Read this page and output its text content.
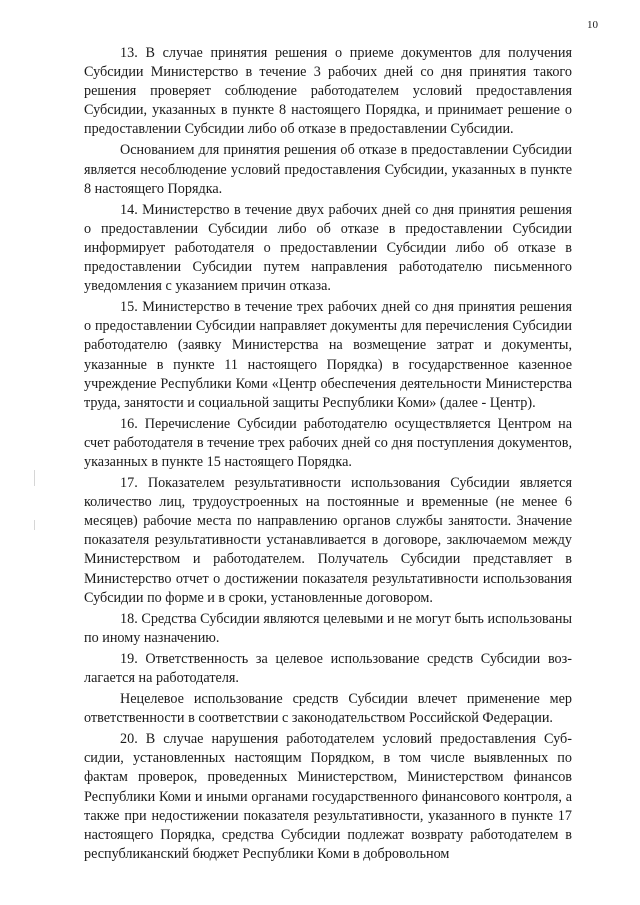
10

13. В случае принятия решения о приеме документов для получения Субсидии Министерство в течение 3 рабочих дней со дня принятия такого решения проверяет соблюдение работодателем условий предоставления Субсидии, указанных в пункте 8 настоящего Порядка, и принимает решение о предоставлении Субсидии либо об отказе в предоставлении Субсидии.

Основанием для принятия решения об отказе в предоставлении Субсидии является несоблюдение условий предоставления Субсидии, указанных в пункте 8 настоящего Порядка.

14. Министерство в течение двух рабочих дней со дня принятия решения о предоставлении Субсидии либо об отказе в предоставлении Субсидии информирует работодателя о предоставлении Субсидии либо об отказе в предоставлении Субсидии путем направления работодателю письменного уведомления с указанием причин отказа.

15. Министерство в течение трех рабочих дней со дня принятия решения о предоставлении Субсидии направляет документы для перечисления Субсидии работодателю (заявку Министерства на возмещение затрат и документы, указанные в пункте 11 настоящего Порядка) в государственное казенное учреждение Республики Коми «Центр обеспечения деятельности Министерства труда, занятости и социальной защиты Республики Коми» (далее - Центр).

16. Перечисление Субсидии работодателю осуществляется Центром на счет работодателя в течение трех рабочих дней со дня поступления документов, указанных в пункте 15 настоящего Порядка.

17. Показателем результативности использования Субсидии является количество лиц, трудоустроенных на постоянные и временные (не менее 6 месяцев) рабочие места по направлению органов службы занятости. Значение показателя результативности устанавливается в договоре, заключаемом между Министерством и работодателем. Получатель Субсидии представляет в Министерство отчет о достижении показателя результативности использования Субсидии по форме и в сроки, установленные договором.

18. Средства Субсидии являются целевыми и не могут быть использованы по иному назначению.

19. Ответственность за целевое использование средств Субсидии возлагается на работодателя.

Нецелевое использование средств Субсидии влечет применение мер ответственности в соответствии с законодательством Российской Федерации.

20. В случае нарушения работодателем условий предоставления Субсидии, установленных настоящим Порядком, в том числе выявленных по фактам проверок, проведенных Министерством, Министерством финансов Республики Коми и иными органами государственного финансового контроля, а также при недостижении показателя результативности, указанного в пункте 17 настоящего Порядка, средства Субсидии подлежат возврату работодателем в республиканский бюджет Республики Коми в добровольном
